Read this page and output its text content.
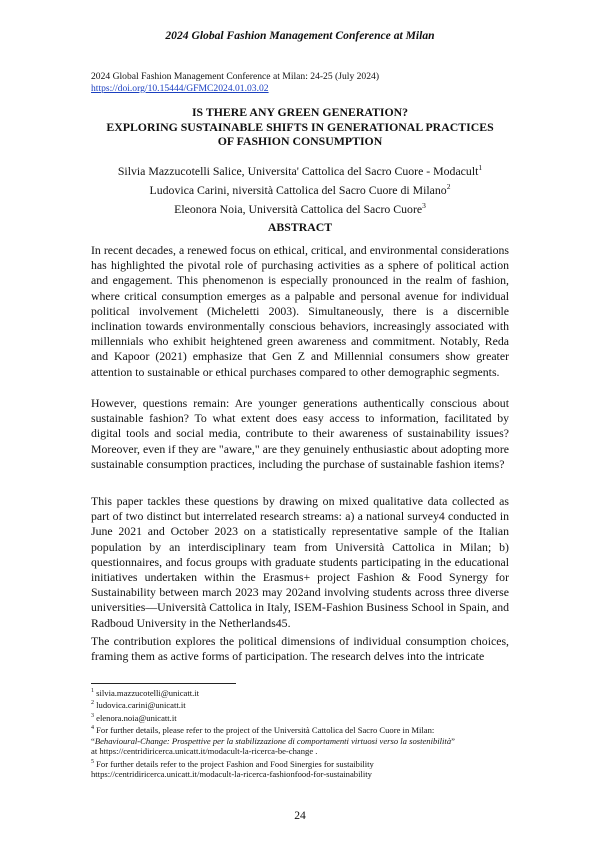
2024 Global Fashion Management Conference at Milan
2024 Global Fashion Management Conference at Milan: 24-25 (July 2024)
https://doi.org/10.15444/GFMC2024.01.03.02
IS THERE ANY GREEN GENERATION?
EXPLORING SUSTAINABLE SHIFTS IN GENERATIONAL PRACTICES
OF FASHION CONSUMPTION
Silvia Mazzucotelli Salice, Universita' Cattolica del Sacro Cuore - Modacult$^1$
Ludovica Carini, niversità Cattolica del Sacro Cuore di Milano$^2$
Eleonora Noia, Università Cattolica del Sacro Cuore$^3$
ABSTRACT

In recent decades, a renewed focus on ethical, critical, and environmental considerations has highlighted the pivotal role of purchasing activities as a sphere of political action and engagement. This phenomenon is especially pronounced in the realm of fashion, where critical consumption emerges as a palpable and personal avenue for individual political involvement (Micheletti 2003). Simultaneously, there is a discernible inclination towards environmentally conscious behaviors, increasingly associated with millennials who exhibit heightened green awareness and commitment. Notably, Reda and Kapoor (2021) emphasize that Gen Z and Millennial consumers show greater attention to sustainable or ethical purchases compared to other demographic segments.

However, questions remain: Are younger generations authentically conscious about sustainable fashion? To what extent does easy access to information, facilitated by digital tools and social media, contribute to their awareness of sustainability issues? Moreover, even if they are "aware," are they genuinely enthusiastic about adopting more sustainable consumption practices, including the purchase of sustainable fashion items?

This paper tackles these questions by drawing on mixed qualitative data collected as part of two distinct but interrelated research streams: a) a national survey4 conducted in June 2021 and October 2023 on a statistically representative sample of the Italian population by an interdisciplinary team from Università Cattolica in Milan; b) questionnaires, and focus groups with graduate students participating in the educational initiatives undertaken within the Erasmus+ project Fashion & Food Synergy for Sustainability between march 2023 may 202and involving students across three diverse universities—Università Cattolica in Italy, ISEM-Fashion Business School in Spain, and Radboud University in the Netherlands45.

The contribution explores the political dimensions of individual consumption choices, framing them as active forms of participation. The research delves into the intricate

$^1$ silvia.mazzucotelli@unicatt.it
$^2$ ludovica.carini@unicatt.it
$^3$ elenora.noia@unicatt.it
$^4$ For further details, please refer to the project of the Università Cattolica del Sacro Cuore in Milan:
“Behavioural-Change: Prospettive per la stabilizzazione di comportamenti virtuosi verso la sostenibilità”
at https://centridiricerca.unicatt.it/modacult-la-ricerca-be-change .
$^5$ For further details refer to the project Fashion and Food Sinergies for sustaibility
https://centridiricerca.unicatt.it/modacult-la-ricerca-fashionfood-for-sustainability
24
